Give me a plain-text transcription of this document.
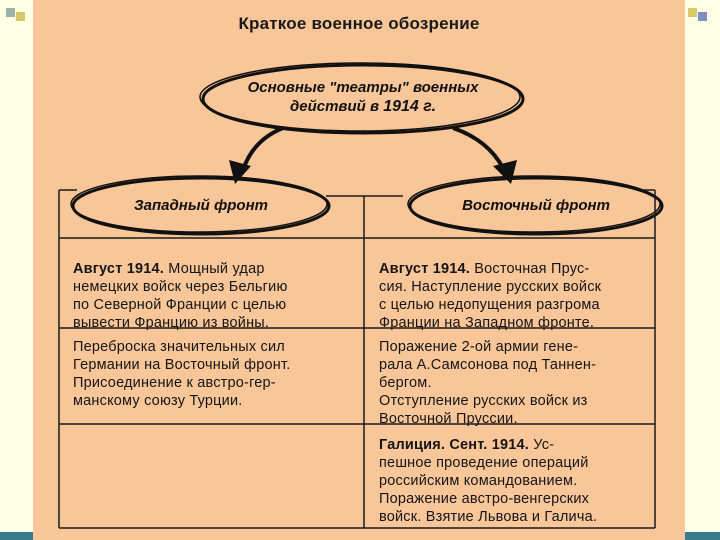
Краткое военное обозрение
Основные "театры" военных
действий в 1914 г.
Западный фронт	Восточный фронт
Август 1914. Мощный удар
немецких войск через Бельгию
по Северной Франции с целью
вывести Францию из войны.
Переброска значительных сил
Германии на Восточный фронт.
Присоединение к австро-гер-
манскому союзу Турции.
Август 1914. Восточная Прус-
сия. Наступление русских войск
с целью недопущения разгрома
Франции на Западном фронте.
Поражение 2-ой армии гене-
рала А.Самсонова под Таннен-
бергом.
Отступление русских войск из
Восточной Пруссии.
Галиция. Сент. 1914. Ус-
пешное проведение операций
российским командованием.
Поражение австро-венгерских
войск. Взятие Львова и Галича.
